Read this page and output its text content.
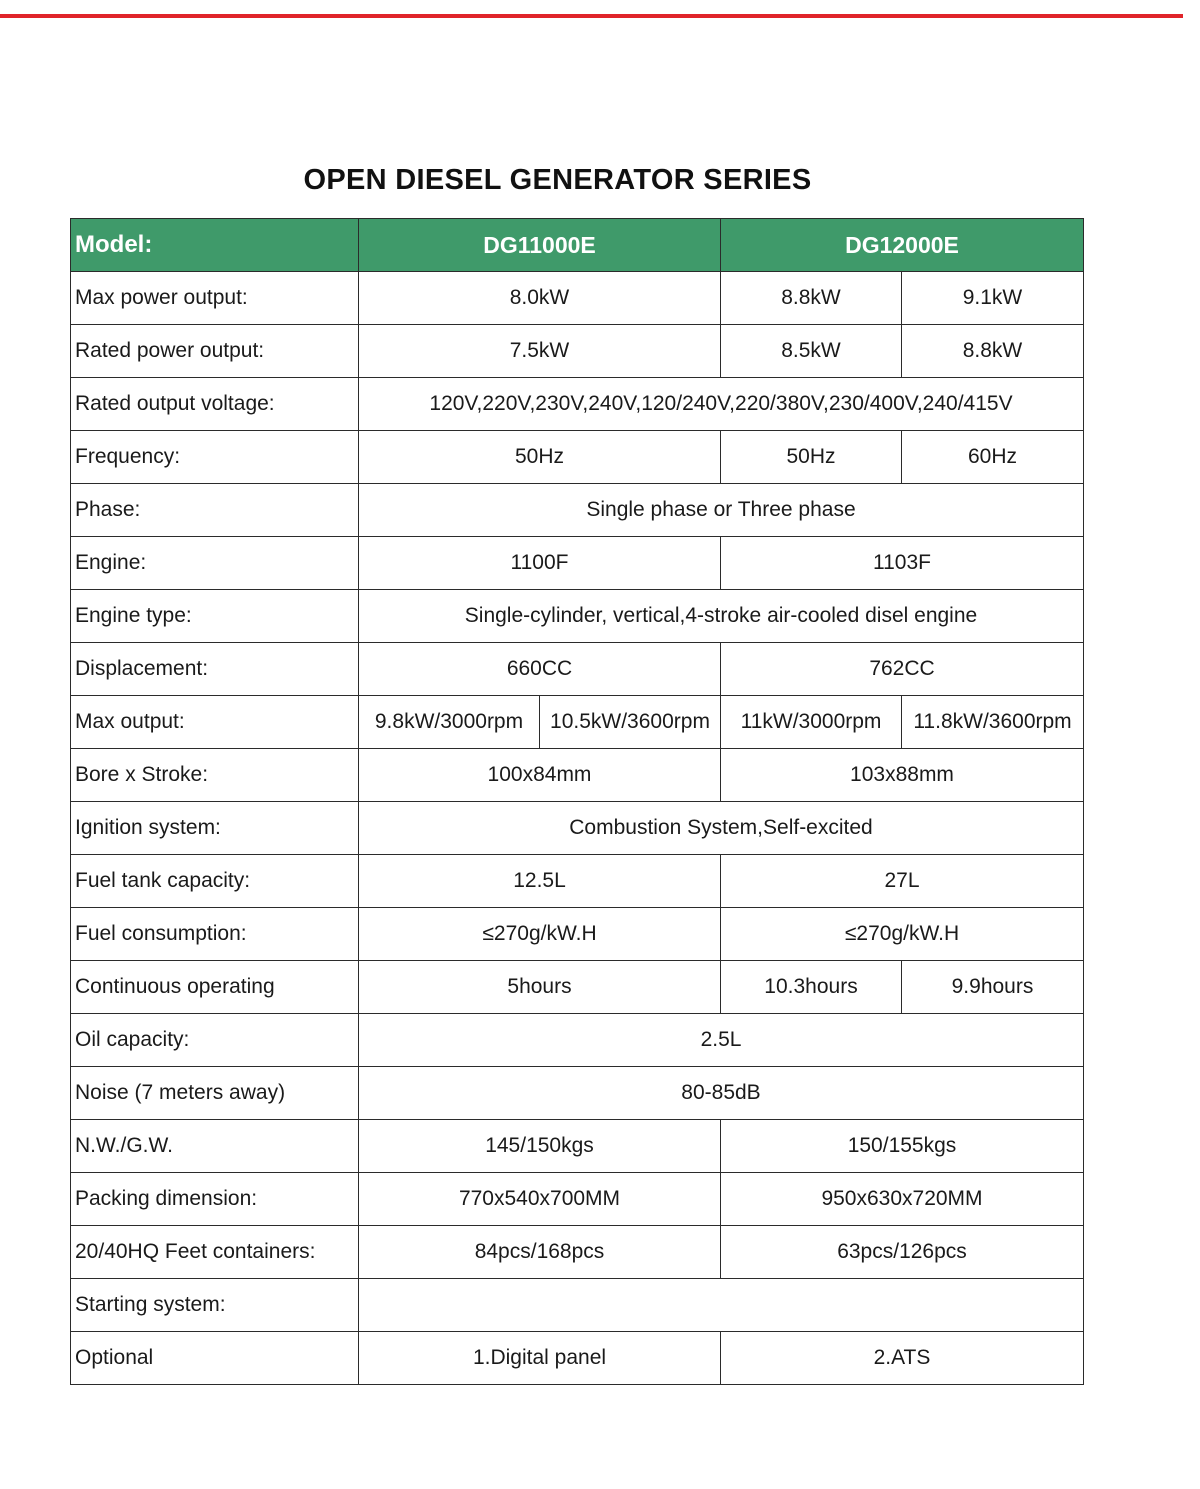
OPEN DIESEL GENERATOR SERIES
Model:	DG11000E		DG12000E	
Max power output:	8.0kW		8.8kW	9.1kW
Rated power output:	7.5kW		8.5kW	8.8kW
Rated output voltage:	120V,220V,230V,240V,120/240V,220/380V,230/400V,240/415V			
Frequency:	50Hz		50Hz	60Hz
Phase:	Single phase or Three phase			
Engine:	1100F		1103F	
Engine type:	Single-cylinder, vertical,4-stroke air-cooled disel engine			
Displacement:	660CC		762CC	
Max output:	9.8kW/3000rpm	10.5kW/3600rpm	11kW/3000rpm	11.8kW/3600rpm
Bore x Stroke:	100x84mm		103x88mm	
Ignition system:	Combustion System,Self-excited			
Fuel tank capacity:	12.5L		27L	
Fuel consumption:	≤270g/kW.H		≤270g/kW.H	
Continuous operating	5hours		10.3hours	9.9hours
Oil capacity:	2.5L			
Noise (7 meters away)	80-85dB			
N.W./G.W.	145/150kgs		150/155kgs	
Packing dimension:	770x540x700MM		950x630x720MM	
20/40HQ Feet containers:	84pcs/168pcs		63pcs/126pcs	
Starting system:				
Optional	1.Digital panel		2.ATS	
